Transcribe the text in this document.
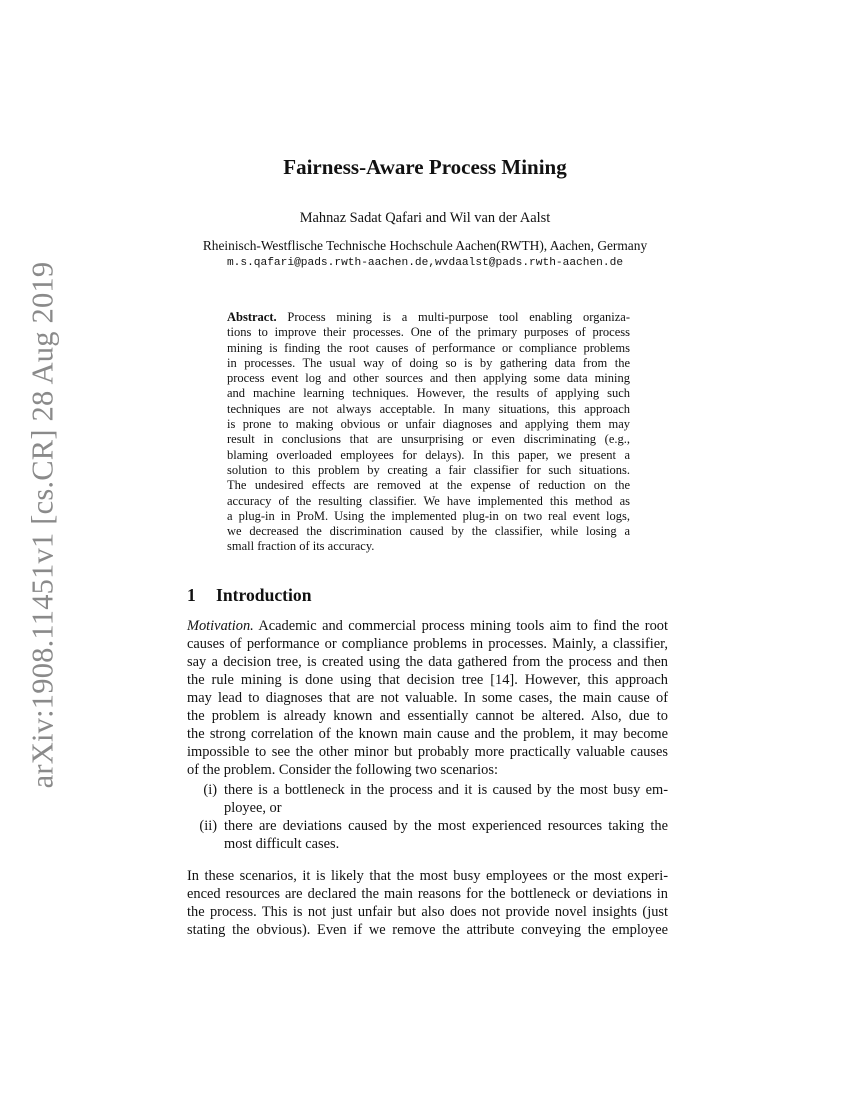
arXiv:1908.11451v1 [cs.CR] 28 Aug 2019
Fairness-Aware Process Mining
Mahnaz Sadat Qafari and Wil van der Aalst
Rheinisch-Westflische Technische Hochschule Aachen(RWTH), Aachen, Germany
m.s.qafari@pads.rwth-aachen.de,wvdaalst@pads.rwth-aachen.de
Abstract. Process mining is a multi-purpose tool enabling organiza-
tions to improve their processes. One of the primary purposes of process
mining is finding the root causes of performance or compliance problems
in processes. The usual way of doing so is by gathering data from the
process event log and other sources and then applying some data mining
and machine learning techniques. However, the results of applying such
techniques are not always acceptable. In many situations, this approach
is prone to making obvious or unfair diagnoses and applying them may
result in conclusions that are unsurprising or even discriminating (e.g.,
blaming overloaded employees for delays). In this paper, we present a
solution to this problem by creating a fair classifier for such situations.
The undesired effects are removed at the expense of reduction on the
accuracy of the resulting classifier. We have implemented this method as
a plug-in in ProM. Using the implemented plug-in on two real event logs,
we decreased the discrimination caused by the classifier, while losing a
small fraction of its accuracy.
1 Introduction
Motivation. Academic and commercial process mining tools aim to find the root
causes of performance or compliance problems in processes. Mainly, a classifier,
say a decision tree, is created using the data gathered from the process and then
the rule mining is done using that decision tree [14]. However, this approach
may lead to diagnoses that are not valuable. In some cases, the main cause of
the problem is already known and essentially cannot be altered. Also, due to
the strong correlation of the known main cause and the problem, it may become
impossible to see the other minor but probably more practically valuable causes
of the problem. Consider the following two scenarios:
(i) there is a bottleneck in the process and it is caused by the most busy em-
ployee, or
(ii) there are deviations caused by the most experienced resources taking the
most difficult cases.
In these scenarios, it is likely that the most busy employees or the most experi-
enced resources are declared the main reasons for the bottleneck or deviations in
the process. This is not just unfair but also does not provide novel insights (just
stating the obvious). Even if we remove the attribute conveying the employee
